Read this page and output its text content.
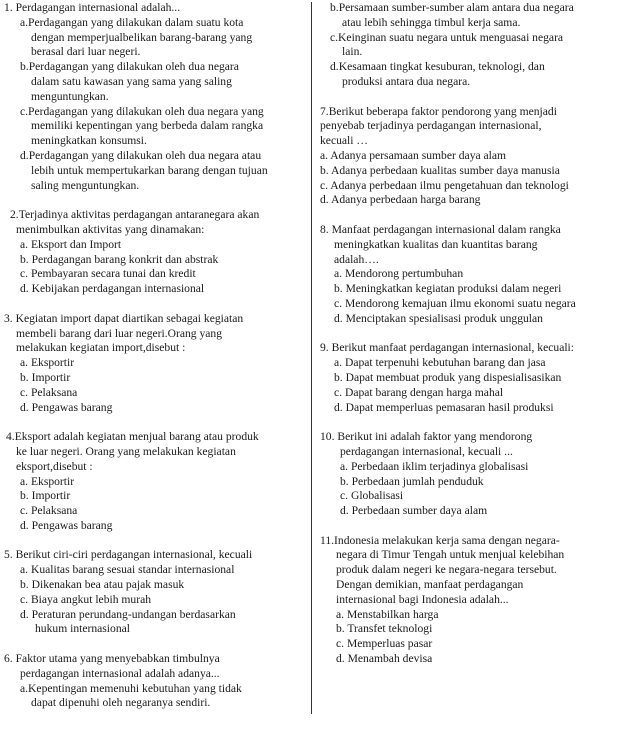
1. Perdagangan internasional adalah...
a.Perdagangan yang dilakukan dalam suatu kota
dengan memperjualbelikan barang-barang yang
berasal dari luar negeri.
b.Perdagangan yang dilakukan oleh dua negara
dalam satu kawasan yang sama yang saling
menguntungkan.
c.Perdagangan yang dilakukan oleh dua negara yang
memiliki kepentingan yang berbeda dalam rangka
meningkatkan konsumsi.
d.Perdagangan yang dilakukan oleh dua negara atau
lebih untuk mempertukarkan barang dengan tujuan
saling menguntungkan.
2.Terjadinya aktivitas perdagangan antaranegara akan
menimbulkan aktivitas yang dinamakan:
a. Eksport dan Import
b. Perdagangan barang konkrit dan abstrak
c. Pembayaran secara tunai dan kredit
d. Kebijakan perdagangan internasional
3. Kegiatan import dapat diartikan sebagai kegiatan
membeli barang dari luar negeri.Orang yang
melakukan kegiatan import,disebut :
a. Eksportir
b. Importir
c. Pelaksana
d. Pengawas barang
4.Eksport adalah kegiatan menjual barang atau produk
ke luar negeri. Orang yang melakukan kegiatan
eksport,disebut :
a. Eksportir
b. Importir
c. Pelaksana
d. Pengawas barang
5. Berikut ciri-ciri perdagangan internasional, kecuali
a. Kualitas barang sesuai standar internasional
b. Dikenakan bea atau pajak masuk
c. Biaya angkut lebih murah
d. Peraturan perundang-undangan berdasarkan
hukum internasional
6. Faktor utama yang menyebabkan timbulnya
perdagangan internasional adalah adanya...
a.Kepentingan memenuhi kebutuhan yang tidak
dapat dipenuhi oleh negaranya sendiri.
b.Persamaan sumber-sumber alam antara dua negara
atau lebih sehingga timbul kerja sama.
c.Keinginan suatu negara untuk menguasai negara
lain.
d.Kesamaan tingkat kesuburan, teknologi, dan
produksi antara dua negara.
7.Berikut beberapa faktor pendorong yang menjadi
penyebab terjadinya perdagangan internasional,
kecuali …
a. Adanya persamaan sumber daya alam
b. Adanya perbedaan kualitas sumber daya manusia
c. Adanya perbedaan ilmu pengetahuan dan teknologi
d. Adanya perbedaan harga barang
8. Manfaat perdagangan internasional dalam rangka
meningkatkan kualitas dan kuantitas barang
adalah….
a. Mendorong pertumbuhan
b. Meningkatkan kegiatan produksi dalam negeri
c. Mendorong kemajuan ilmu ekonomi suatu negara
d. Menciptakan spesialisasi produk unggulan
9. Berikut manfaat perdagangan internasional, kecuali:
a. Dapat terpenuhi kebutuhan barang dan jasa
b. Dapat membuat produk yang dispesialisasikan
c. Dapat barang dengan harga mahal
d. Dapat memperluas pemasaran hasil produksi
10. Berikut ini adalah faktor yang mendorong
perdagangan internasional, kecuali ...
a. Perbedaan iklim terjadinya globalisasi
b. Perbedaan jumlah penduduk
c. Globalisasi
d. Perbedaan sumber daya alam
11.Indonesia melakukan kerja sama dengan negara-
negara di Timur Tengah untuk menjual kelebihan
produk dalam negeri ke negara-negara tersebut.
Dengan demikian, manfaat perdagangan
internasional bagi Indonesia adalah...
a. Menstabilkan harga
b. Transfet teknologi
c. Memperluas pasar
d. Menambah devisa
